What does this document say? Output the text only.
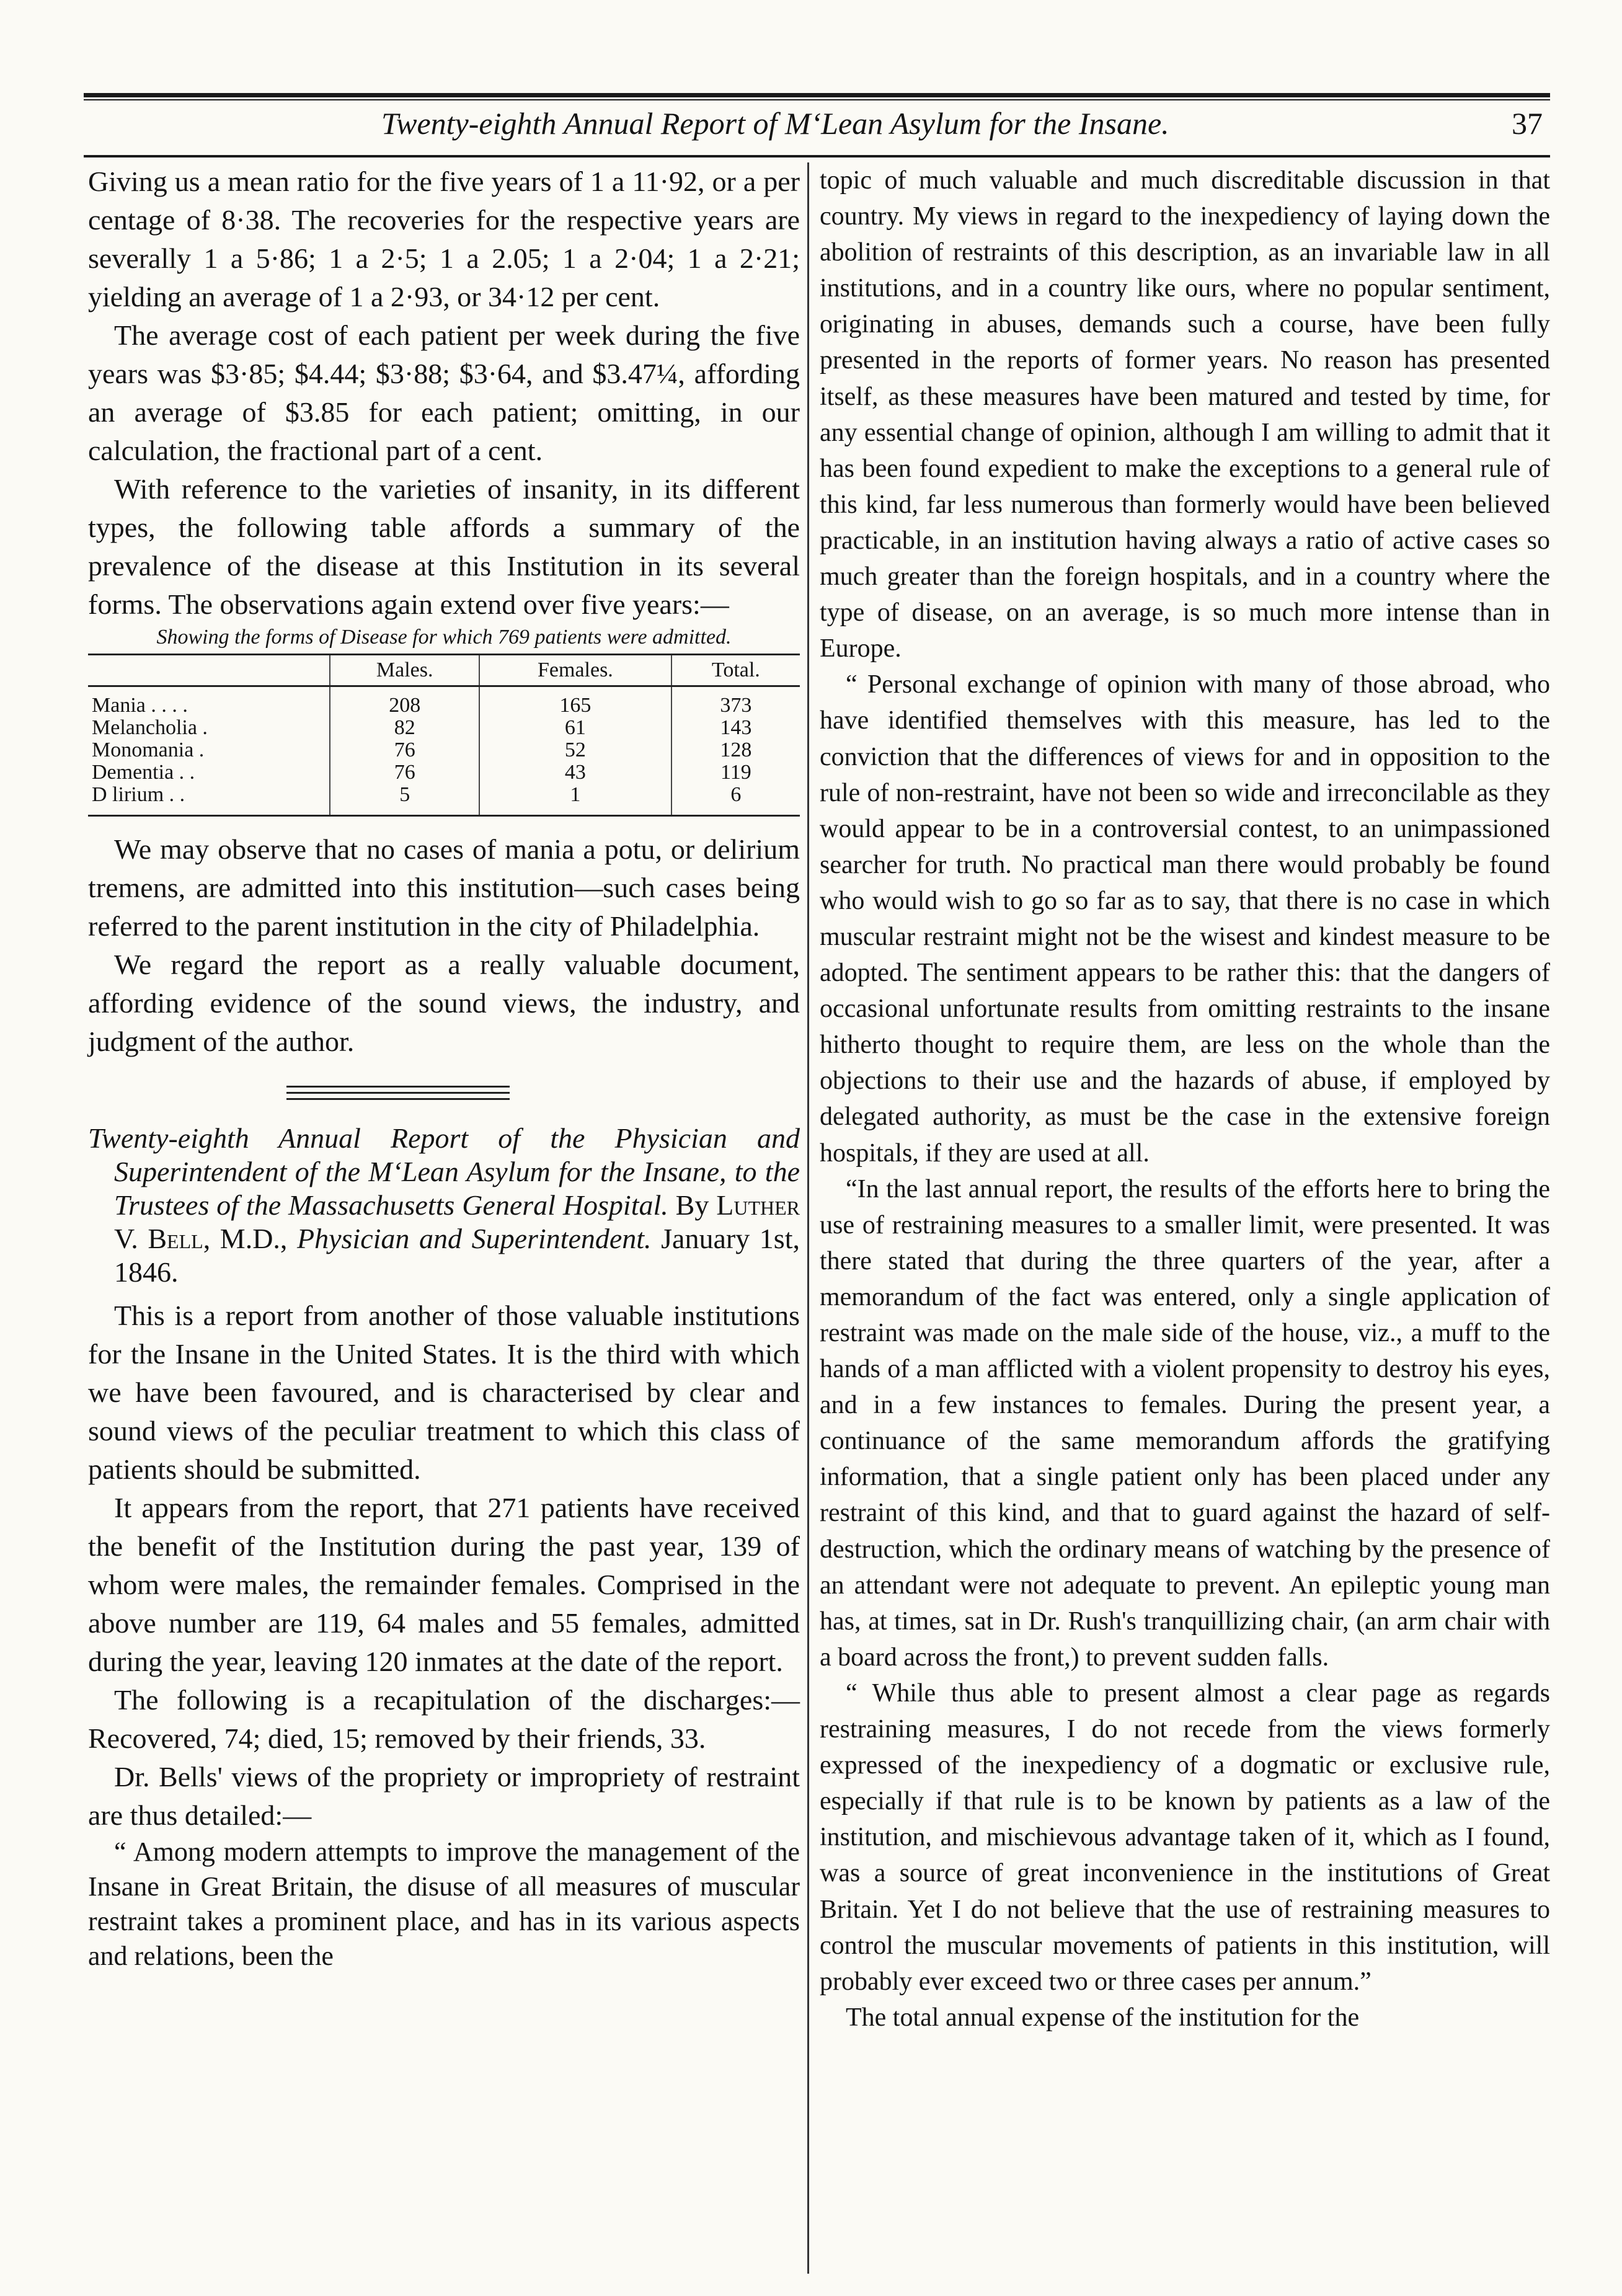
Twenty-eighth Annual Report of M‘Lean Asylum for the Insane.	37

Giving us a mean ratio for the five years of 1 a 11·92, or a per centage of 8·38. The recoveries for the respective years are severally 1 a 5·86; 1 a 2·5; 1 a 2.05; 1 a 2·04; 1 a 2·21; yielding an average of 1 a 2·93, or 34·12 per cent.

The average cost of each patient per week during the five years was $3·85; $4.44; $3·88; $3·64, and $3.47¼, affording an average of $3.85 for each patient; omitting, in our calculation, the fractional part of a cent.

With reference to the varieties of insanity, in its different types, the following table affords a summary of the prevalence of the disease at this Institution in its several forms. The observations again extend over five years:—

Showing the forms of Disease for which 769 patients were admitted.
	Males.	Females.	Total.
Mania . . . .	208	165	373
Melancholia .	82	61	143
Monomania .	76	52	128
Dementia . .	76	43	119
D lirium . .	5	1	6

We may observe that no cases of mania a potu, or delirium tremens, are admitted into this institution—such cases being referred to the parent institution in the city of Philadelphia.

We regard the report as a really valuable document, affording evidence of the sound views, the industry, and judgment of the author.

Twenty-eighth Annual Report of the Physician and Superintendent of the M‘Lean Asylum for the Insane, to the Trustees of the Massachusetts General Hospital. By Luther V. Bell, M.D., Physician and Superintendent. January 1st, 1846.

This is a report from another of those valuable institutions for the Insane in the United States. It is the third with which we have been favoured, and is characterised by clear and sound views of the peculiar treatment to which this class of patients should be submitted.

It appears from the report, that 271 patients have received the benefit of the Institution during the past year, 139 of whom were males, the remainder females. Comprised in the above number are 119, 64 males and 55 females, admitted during the year, leaving 120 inmates at the date of the report.

The following is a recapitulation of the discharges:— Recovered, 74; died, 15; removed by their friends, 33.

Dr. Bells' views of the propriety or impropriety of restraint are thus detailed:—

“ Among modern attempts to improve the management of the Insane in Great Britain, the disuse of all measures of muscular restraint takes a prominent place, and has in its various aspects and relations, been the

topic of much valuable and much discreditable discussion in that country. My views in regard to the inexpediency of laying down the abolition of restraints of this description, as an invariable law in all institutions, and in a country like ours, where no popular sentiment, originating in abuses, demands such a course, have been fully presented in the reports of former years. No reason has presented itself, as these measures have been matured and tested by time, for any essential change of opinion, although I am willing to admit that it has been found expedient to make the exceptions to a general rule of this kind, far less numerous than formerly would have been believed practicable, in an institution having always a ratio of active cases so much greater than the foreign hospitals, and in a country where the type of disease, on an average, is so much more intense than in Europe.

“ Personal exchange of opinion with many of those abroad, who have identified themselves with this measure, has led to the conviction that the differences of views for and in opposition to the rule of non-restraint, have not been so wide and irreconcilable as they would appear to be in a controversial contest, to an unimpassioned searcher for truth. No practical man there would probably be found who would wish to go so far as to say, that there is no case in which muscular restraint might not be the wisest and kindest measure to be adopted. The sentiment appears to be rather this: that the dangers of occasional unfortunate results from omitting restraints to the insane hitherto thought to require them, are less on the whole than the objections to their use and the hazards of abuse, if employed by delegated authority, as must be the case in the extensive foreign hospitals, if they are used at all.

“In the last annual report, the results of the efforts here to bring the use of restraining measures to a smaller limit, were presented. It was there stated that during the three quarters of the year, after a memorandum of the fact was entered, only a single application of restraint was made on the male side of the house, viz., a muff to the hands of a man afflicted with a violent propensity to destroy his eyes, and in a few instances to females. During the present year, a continuance of the same memorandum affords the gratifying information, that a single patient only has been placed under any restraint of this kind, and that to guard against the hazard of self-destruction, which the ordinary means of watching by the presence of an attendant were not adequate to prevent. An epileptic young man has, at times, sat in Dr. Rush's tranquillizing chair, (an arm chair with a board across the front,) to prevent sudden falls.

“ While thus able to present almost a clear page as regards restraining measures, I do not recede from the views formerly expressed of the inexpediency of a dogmatic or exclusive rule, especially if that rule is to be known by patients as a law of the institution, and mischievous advantage taken of it, which as I found, was a source of great inconvenience in the institutions of Great Britain. Yet I do not believe that the use of restraining measures to control the muscular movements of patients in this institution, will probably ever exceed two or three cases per annum.”

The total annual expense of the institution for the
